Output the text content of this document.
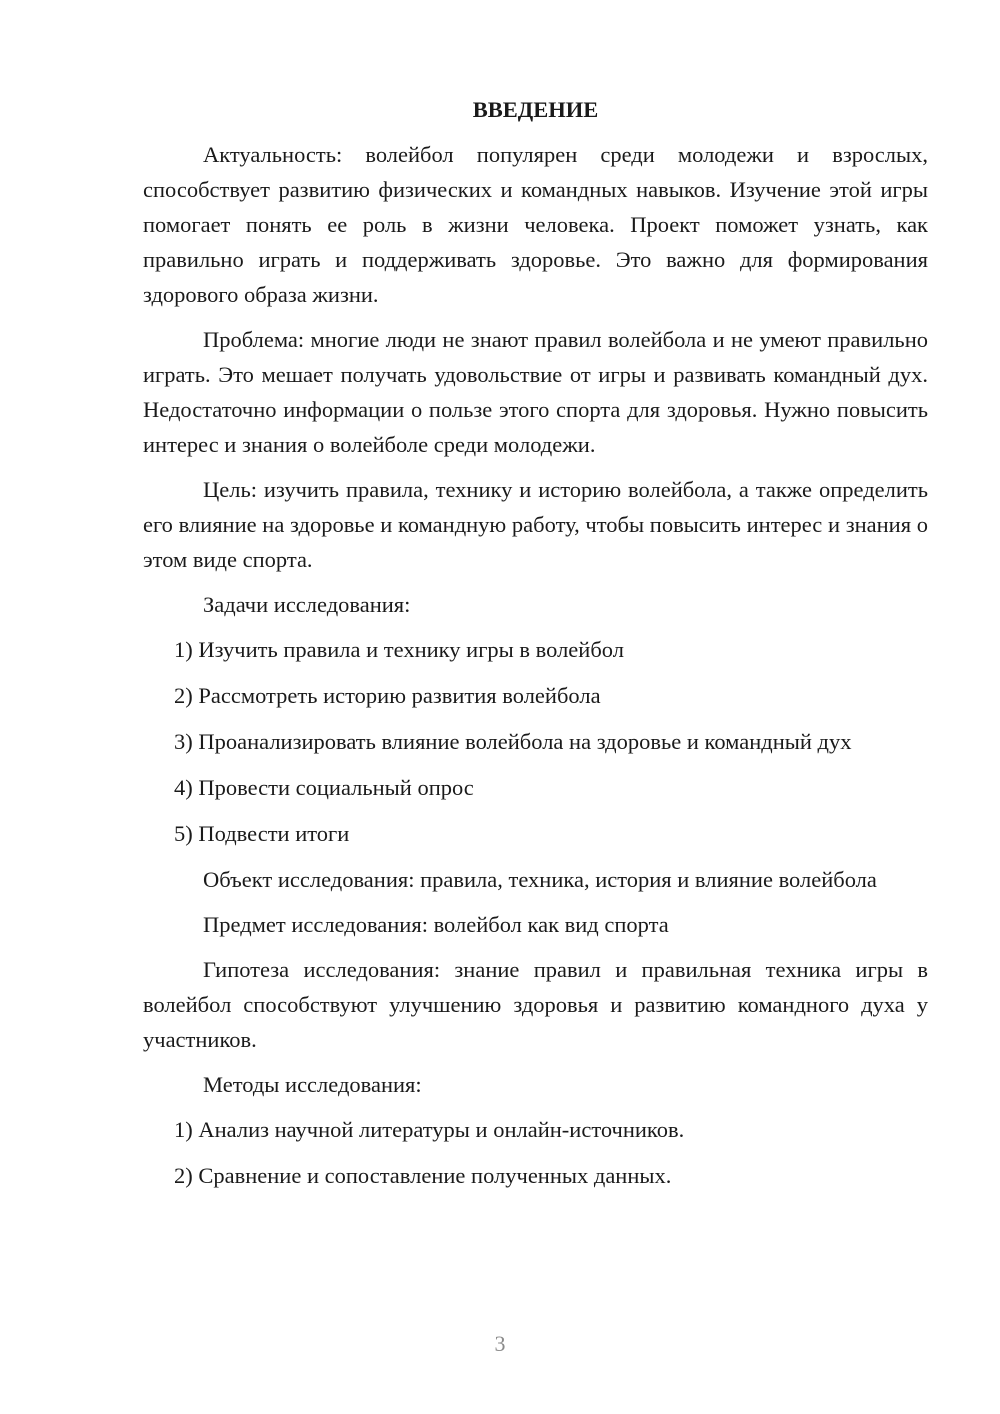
ВВЕДЕНИЕ
Актуальность: волейбол популярен среди молодежи и взрослых, способствует развитию физических и командных навыков. Изучение этой игры помогает понять ее роль в жизни человека. Проект поможет узнать, как правильно играть и поддерживать здоровье. Это важно для формирования здорового образа жизни.
Проблема: многие люди не знают правил волейбола и не умеют правильно играть. Это мешает получать удовольствие от игры и развивать командный дух. Недостаточно информации о пользе этого спорта для здоровья. Нужно повысить интерес и знания о волейболе среди молодежи.
Цель: изучить правила, технику и историю волейбола, а также определить его влияние на здоровье и командную работу, чтобы повысить интерес и знания о этом виде спорта.
Задачи исследования:
1) Изучить правила и технику игры в волейбол
2) Рассмотреть историю развития волейбола
3) Проанализировать влияние волейбола на здоровье и командный дух
4) Провести социальный опрос
5) Подвести итоги
Объект исследования: правила, техника, история и влияние волейбола
Предмет исследования: волейбол как вид спорта
Гипотеза исследования: знание правил и правильная техника игры в волейбол способствуют улучшению здоровья и развитию командного духа у участников.
Методы исследования:
1) Анализ научной литературы и онлайн-источников.
2) Сравнение и сопоставление полученных данных.
3
